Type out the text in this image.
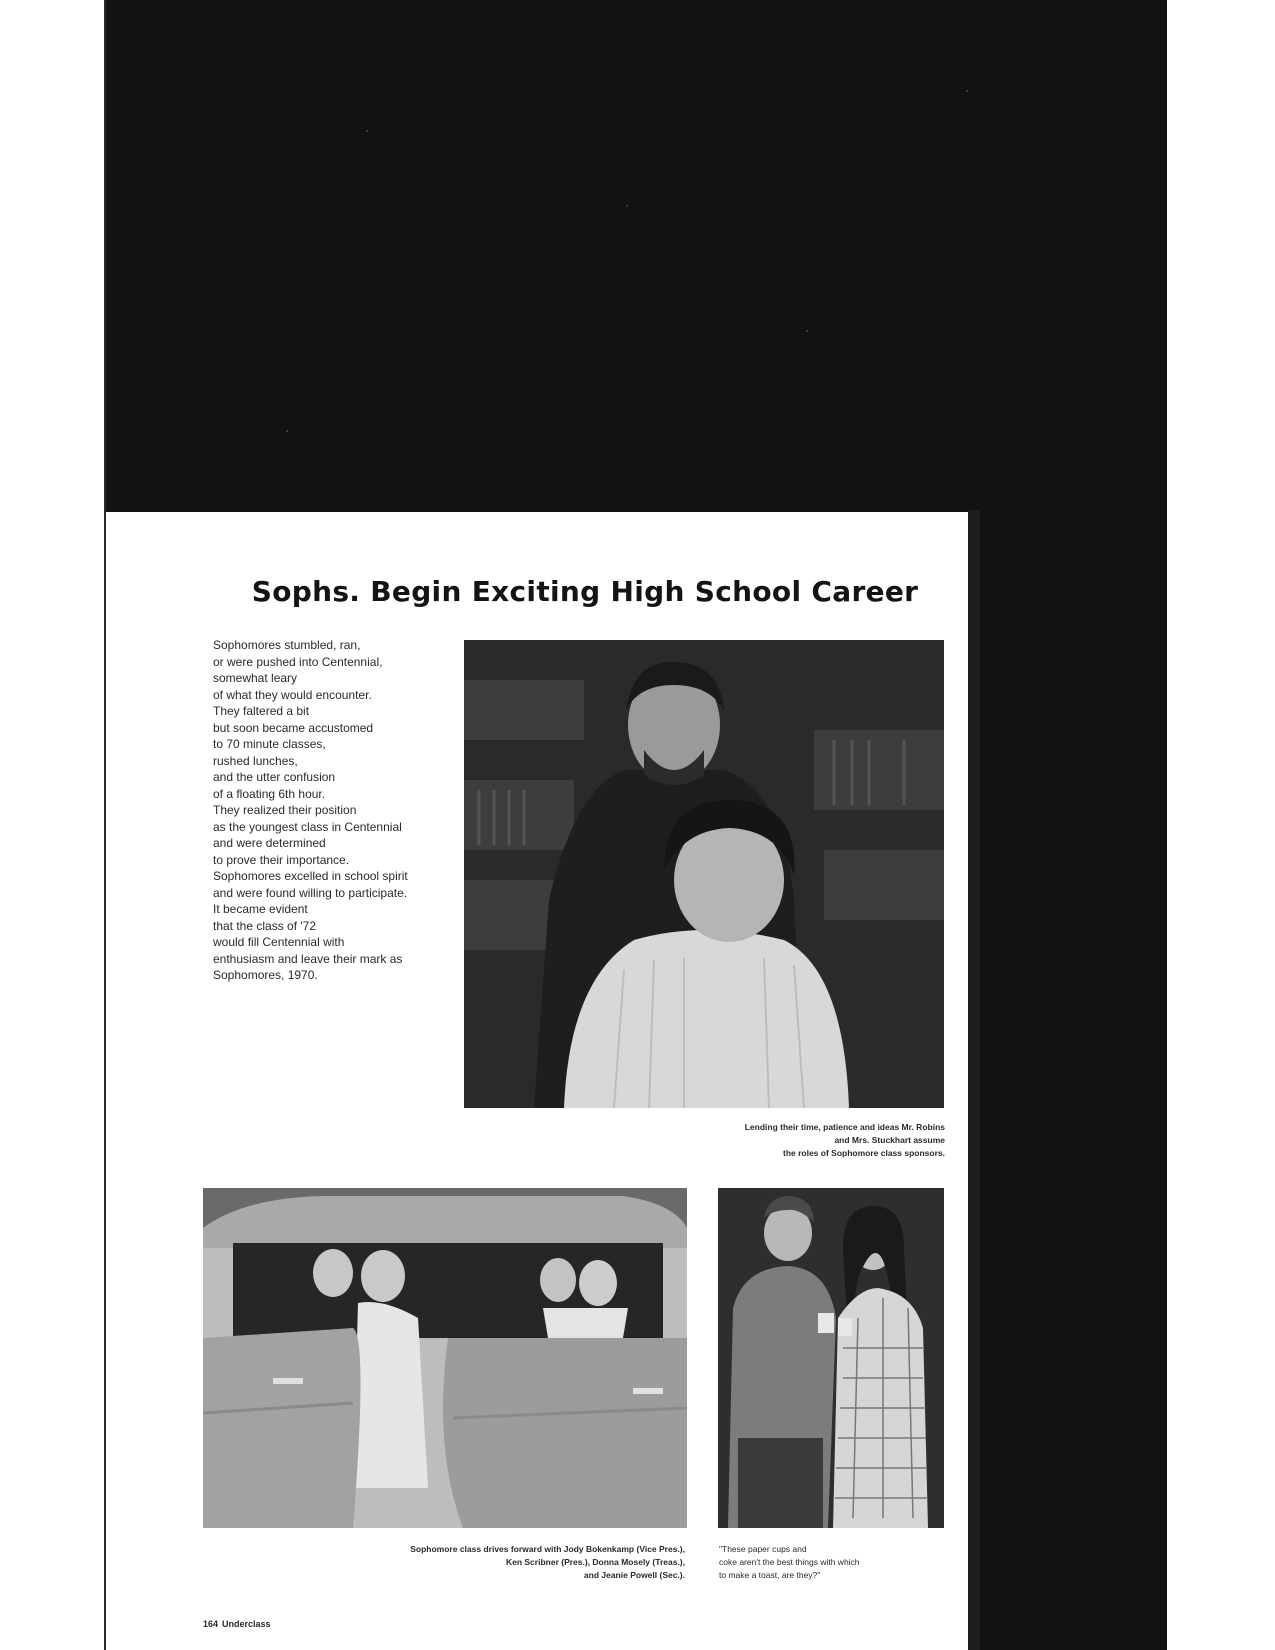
Sophs. Begin Exciting High School Career
Sophomores stumbled, ran,
or were pushed into Centennial,
somewhat leary
of what they would encounter.
They faltered a bit
but soon became accustomed
to 70 minute classes,
rushed lunches,
and the utter confusion
of a floating 6th hour.
They realized their position
as the youngest class in Centennial
and were determined
to prove their importance.
Sophomores excelled in school spirit
and were found willing to participate.
It became evident
that the class of '72
would fill Centennial with
enthusiasm and leave their mark as
Sophomores, 1970.
Lending their time, patience and ideas Mr. Robins
and Mrs. Stuckhart assume
the roles of Sophomore class sponsors.
Sophomore class drives forward with Jody Bokenkamp (Vice Pres.),
Ken Scribner (Pres.), Donna Mosely (Treas.),
and Jeanie Powell (Sec.).
"These paper cups and
coke aren't the best things with which
to make a toast, are they?"
164 Underclass
